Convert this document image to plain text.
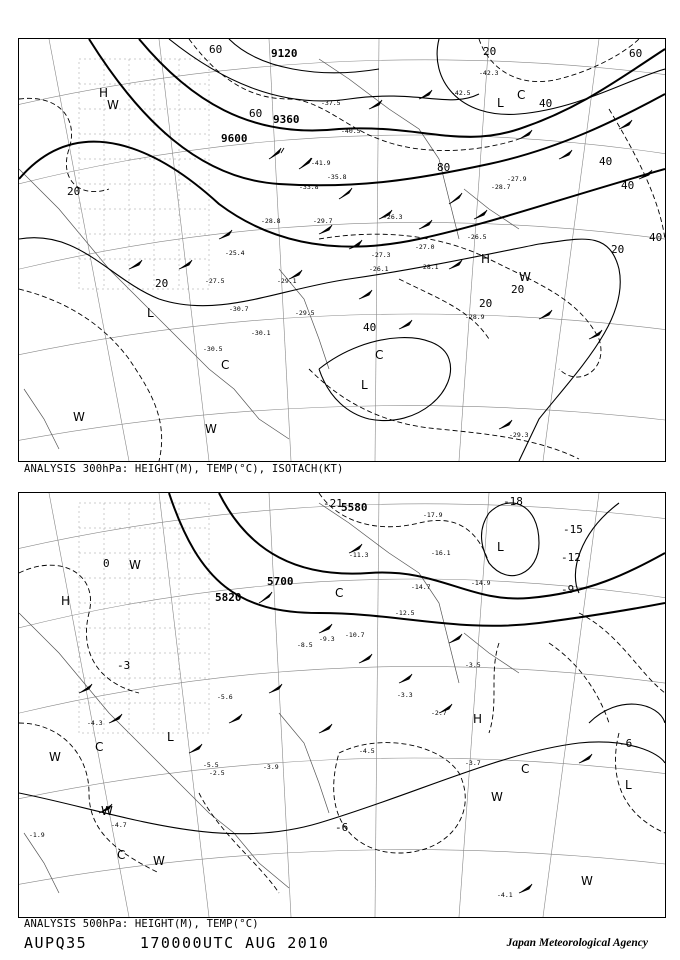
9120
9360
9600
20
20
20
20
20
20
40
40
40
40
40
60
60
60
80
H
H
L
L
L
C
C
C
W
W
W
W
-42.5
-42.3
-41.9
-40.5
-37.5
-35.8
-33.8
-30.7
-30.5
-29.7
-29.5
-29.3
-28.9
-28.7
-27.9
-27.5
-27.3
-27.0
-26.5
-26.1
-25.4
-28.8
-30.1
-29.1
-26.3
-28.1
ANALYSIS 300hPa: HEIGHT(M), TEMP(°C), ISOTACH(KT)
5700
5820
5580
-21	-18
-15
-12
-9
-6
-6
-3
0
H
H
L
L
L
C
C
C
C
W
W
W
W
W
W
-17.9
-16.1
-14.9
-14.7
-12.5
-11.3
-10.7
-9.3
-8.5
-5.6
-5.5
-4.7
-4.5
-4.3
-4.1
-3.9	-3.7
-3.5
-3.3
-2.7
-2.5
-1.9
ANALYSIS 500hPa: HEIGHT(M), TEMP(°C)
AUPQ35	170000UTC AUG 2010	Japan Meteorological Agency
